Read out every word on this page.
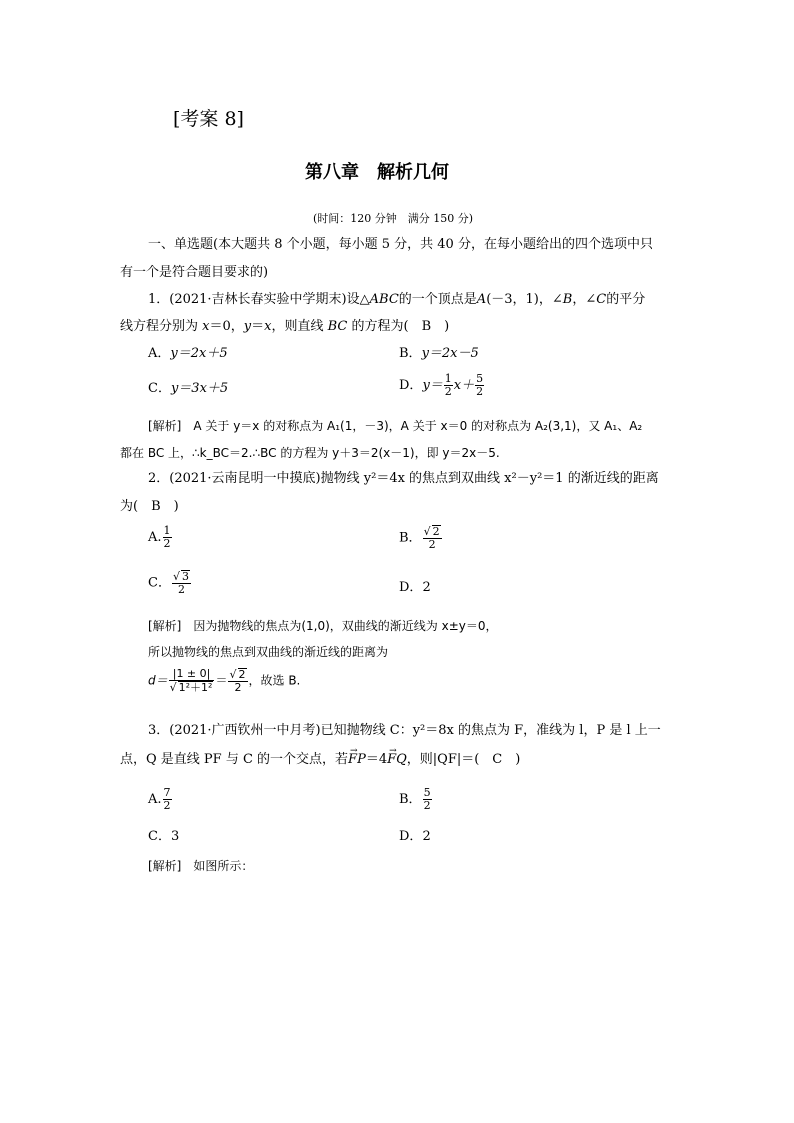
[考案 8]
第八章　解析几何
(时间：120 分钟　满分 150 分)
一、单选题(本大题共 8 个小题，每小题 5 分，共 40 分，在每小题给出的四个选项中只
有一个是符合题目要求的)
1．(2021·吉林长春实验中学期末)设△ABC的一个顶点是A(－3，1)，∠B，∠C的平分
线方程分别为 x＝0，y＝x，则直线 BC 的方程为(　B　)
A．y＝2x＋5	B．y＝2x－5
C．y＝3x＋5	D．$y= \frac{1}{2} x+ \frac{5}{2}$
[解析]　A 关于 y＝x 的对称点为 A₁(1，－3)，A 关于 x＝0 的对称点为 A₂(3,1)，又 A₁、A₂
都在 BC 上，∴k_BC＝2.∴BC 的方程为 y＋3＝2(x－1)，即 y＝2x－5.
2．(2021·云南昆明一中摸底)抛物线 y²＝4x 的焦点到双曲线 x²－y²＝1 的渐近线的距离
为(　B　)
A. $\frac{1}{2}$	B． $\frac{√ 2}{2}$
C． $\frac{√ 3}{2}$	D．2
[解析]　因为抛物线的焦点为(1,0)，双曲线的渐近线为 x±y＝0，
所以抛物线的焦点到双曲线的渐近线的距离为
$d= \frac{|1 \pm 0|}{\text{√ 1²＋1²}} = \frac{√ 2}{2}$ ，故选 B.
3．(2021·广西钦州一中月考)已知抛物线 C：y²＝8x 的焦点为 F，准线为 l，P 是 l 上一
点，Q 是直线 PF 与 C 的一个交点，若→ FP＝4→ FQ，则|QF|＝(　C　)
A. $\frac{7}{2}$	B． $\frac{5}{2}$
C．3	D．2
[解析]　如图所示：
